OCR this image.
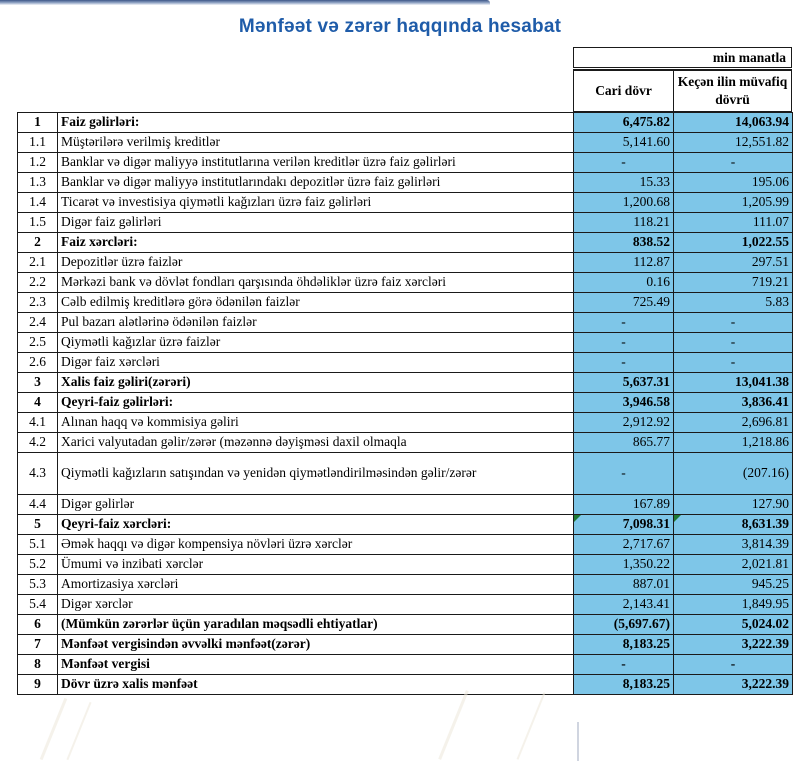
Mənfəət və zərər haqqında hesabat
min manatla
Cari dövr
Keçən ilin müvafiq dövrü
1	Faiz gəlirləri:	6,475.82	14,063.94
1.1	Müştərilərə verilmiş kreditlər	5,141.60	12,551.82
1.2	Banklar və digər maliyyə institutlarına verilən kreditlər üzrə faiz gəlirləri	-	-
1.3	Banklar və digər maliyyə institutlarındakı depozitlər üzrə faiz gəlirləri	15.33	195.06
1.4	Ticarət və investisiya qiymətli kağızları üzrə faiz gəlirləri	1,200.68	1,205.99
1.5	Digər faiz gəlirləri	118.21	111.07
2	Faiz xərcləri:	838.52	1,022.55
2.1	Depozitlər üzrə faizlər	112.87	297.51
2.2	Mərkəzi bank və dövlət fondları qarşısında öhdəliklər üzrə faiz xərcləri	0.16	719.21
2.3	Cəlb edilmiş kreditlərə görə ödənilən faizlər	725.49	5.83
2.4	Pul bazarı alətlərinə ödənilən faizlər	-	-
2.5	Qiymətli kağızlar üzrə faizlər	-	-
2.6	Digər faiz xərcləri	-	-
3	Xalis faiz gəliri(zərəri)	5,637.31	13,041.38
4	Qeyri-faiz gəlirləri:	3,946.58	3,836.41
4.1	Alınan haqq və kommisiya gəliri	2,912.92	2,696.81
4.2	Xarici valyutadan gəlir/zərər (məzənnə dəyişməsi daxil olmaqla	865.77	1,218.86
4.3	Qiymətli kağızların satışından və yenidən qiymətləndirilməsindən gəlir/zərər	-	(207.16)
4.4	Digər gəlirlər	167.89	127.90
5	Qeyri-faiz xərcləri:	7,098.31	8,631.39
5.1	Əmək haqqı və digər kompensiya növləri üzrə xərclər	2,717.67	3,814.39
5.2	Ümumi və inzibati xərclər	1,350.22	2,021.81
5.3	Amortizasiya xərcləri	887.01	945.25
5.4	Digər xərclər	2,143.41	1,849.95
6	(Mümkün zərərlər üçün yaradılan məqsədli ehtiyatlar)	(5,697.67)	5,024.02
7	Mənfəət vergisindən əvvəlki mənfəət(zərər)	8,183.25	3,222.39
8	Mənfəət vergisi	-	-
9	Dövr üzrə xalis mənfəət	8,183.25	3,222.39
